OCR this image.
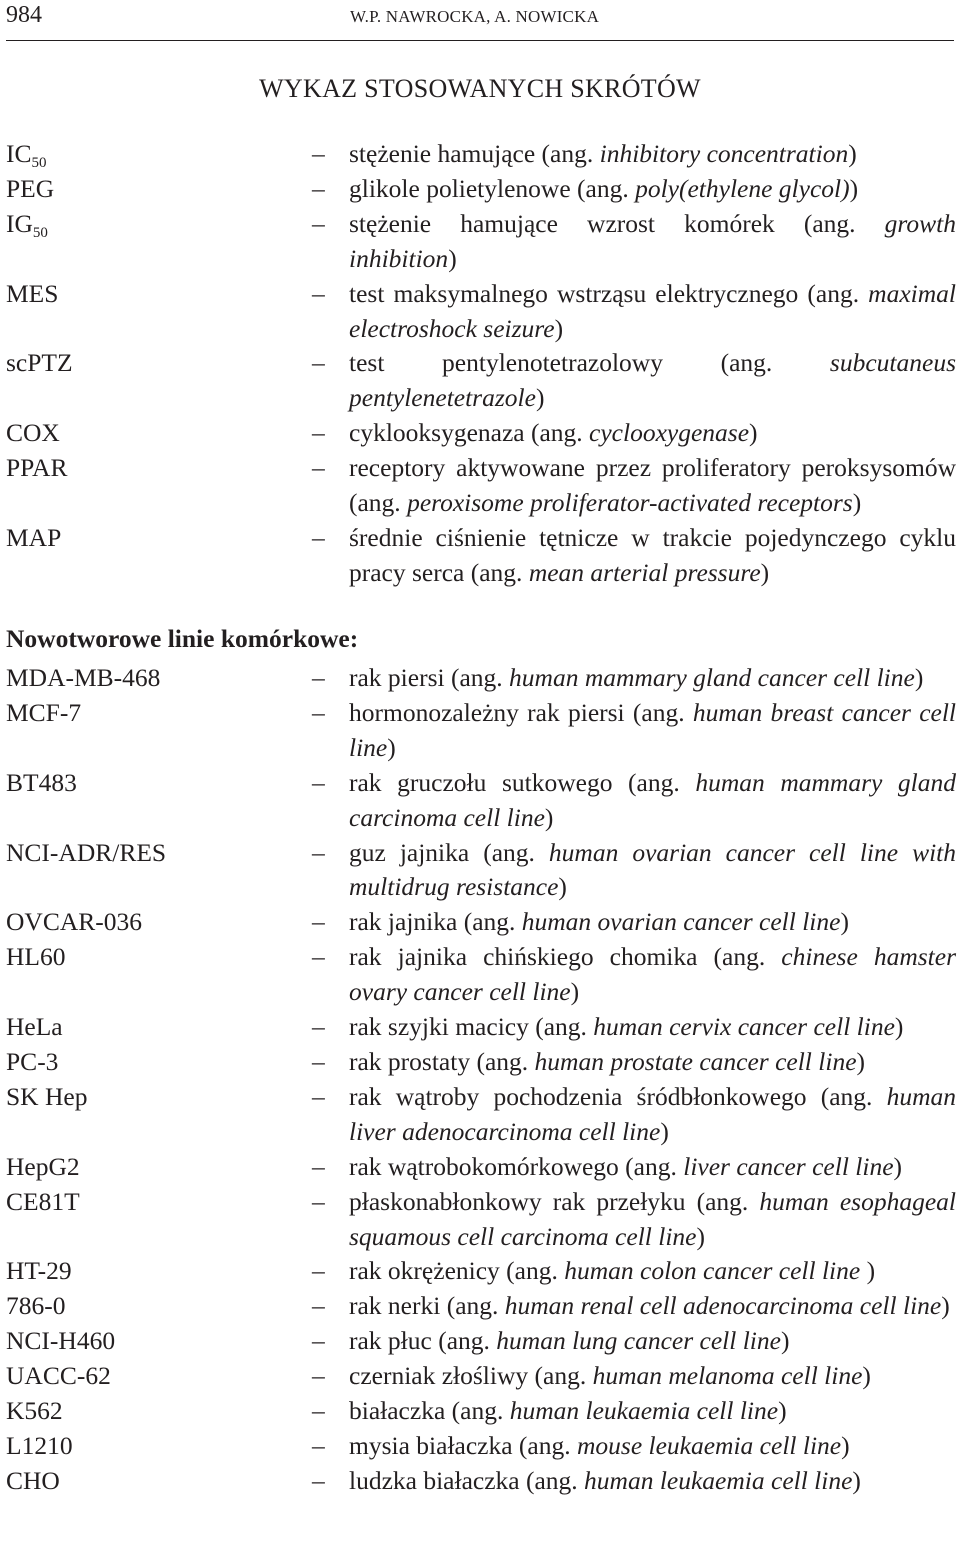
984	W.P. NAWROCKA, A. NOWICKA
WYKAZ STOSOWANYCH SKRÓTÓW
$IC_{50}$	– stężenie hamujące (ang. inhibitory concentration)
PEG	– glikole polietylenowe (ang. poly(ethylene glycol))
$IG_{50}$	– stężenie hamujące wzrost komórek (ang. growth inhibition)
MES	– test maksymalnego wstrząsu elektrycznego (ang. maximal electroshock seizure)
scPTZ	– test pentylenotetrazolowy (ang. subcutaneus pentylenetetrazole)
COX	– cyklooksygenaza (ang. cyclooxygenase)
PPAR	– receptory aktywowane przez proliferatory peroksysomów (ang. peroxisome proliferator-activated receptors)
MAP	– średnie ciśnienie tętnicze w trakcie pojedynczego cyklu pracy serca (ang. mean arterial pressure)
Nowotworowe linie komórkowe:
MDA-MB-468	– rak piersi (ang. human mammary gland cancer cell line)
MCF-7	– hormonozależny rak piersi (ang. human breast cancer cell line)
BT483	– rak gruczołu sutkowego (ang. human mammary gland carcinoma cell line)
NCI-ADR/RES	– guz jajnika (ang. human ovarian cancer cell line with multidrug resistance)
OVCAR-036	– rak jajnika (ang. human ovarian cancer cell line)
HL60	– rak jajnika chińskiego chomika (ang. chinese hamster ovary cancer cell line)
HeLa	– rak szyjki macicy (ang. human cervix cancer cell line)
PC-3	– rak prostaty (ang. human prostate cancer cell line)
SK Hep	– rak wątroby pochodzenia śródbłonkowego (ang. human liver adenocarcinoma cell line)
HepG2	– rak wątrobokomórkowego (ang. liver cancer cell line)
CE81T	– płaskonabłonkowy rak przełyku (ang. human esophageal squamous cell carcinoma cell line)
HT-29	– rak okrężenicy (ang. human colon cancer cell line )
786-0	– rak nerki (ang. human renal cell adenocarcinoma cell line)
NCI-H460	– rak płuc (ang. human lung cancer cell line)
UACC-62	– czerniak złośliwy (ang. human melanoma cell line)
K562	– białaczka (ang. human leukaemia cell line)
L1210	– mysia białaczka (ang. mouse leukaemia cell line)
CHO	– ludzka białaczka (ang. human leukaemia cell line)
